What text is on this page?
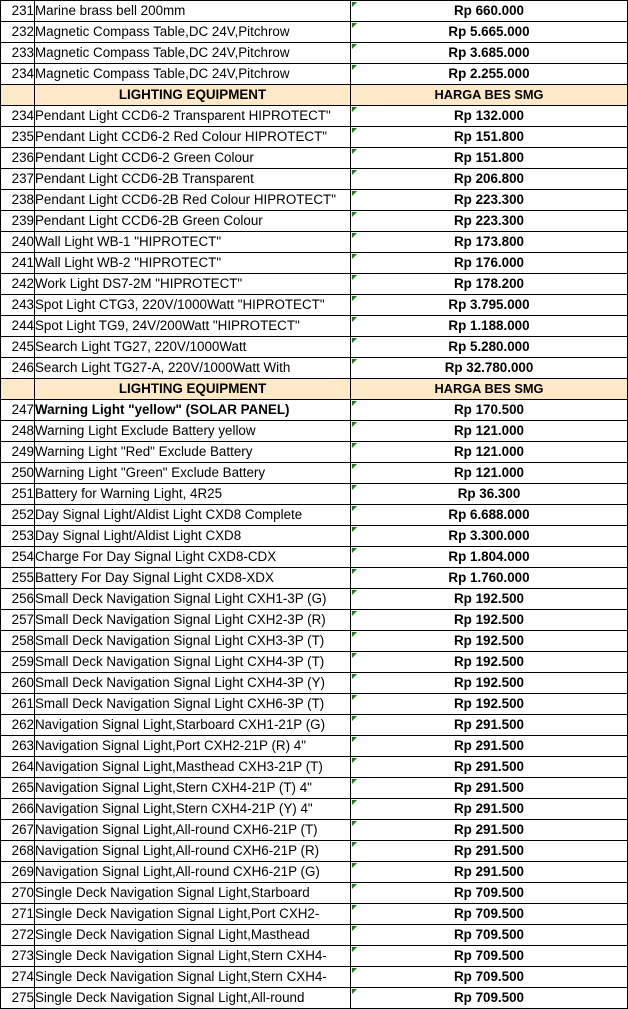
231	Marine brass bell 200mm	Rp 660.000
232	Magnetic Compass Table,DC 24V,Pitchrow	Rp 5.665.000
233	Magnetic Compass Table,DC 24V,Pitchrow	Rp 3.685.000
234	Magnetic Compass Table,DC 24V,Pitchrow	Rp 2.255.000
	LIGHTING EQUIPMENT	HARGA BES SMG
234	Pendant Light CCD6-2 Transparent HIPROTECT"	Rp 132.000
235	Pendant Light CCD6-2 Red Colour HIPROTECT"	Rp 151.800
236	Pendant Light CCD6-2 Green Colour	Rp 151.800
237	Pendant Light CCD6-2B Transparent	Rp 206.800
238	Pendant Light CCD6-2B Red Colour HIPROTECT"	Rp 223.300
239	Pendant Light CCD6-2B Green Colour	Rp 223.300
240	Wall Light WB-1 "HIPROTECT"	Rp 173.800
241	Wall Light WB-2 "HIPROTECT"	Rp 176.000
242	Work Light DS7-2M "HIPROTECT"	Rp 178.200
243	Spot Light CTG3, 220V/1000Watt "HIPROTECT"	Rp 3.795.000
244	Spot Light TG9, 24V/200Watt "HIPROTECT"	Rp 1.188.000
245	Search Light TG27, 220V/1000Watt	Rp 5.280.000
246	Search Light TG27-A, 220V/1000Watt With	Rp 32.780.000
	LIGHTING EQUIPMENT	HARGA BES SMG
247	Warning Light "yellow" (SOLAR PANEL)	Rp 170.500
248	Warning Light Exclude Battery yellow	Rp 121.000
249	Warning Light "Red" Exclude Battery	Rp 121.000
250	Warning Light "Green" Exclude Battery	Rp 121.000
251	Battery for Warning Light, 4R25	Rp 36.300
252	Day Signal Light/Aldist Light CXD8 Complete	Rp 6.688.000
253	Day Signal Light/Aldist Light CXD8	Rp 3.300.000
254	Charge For Day Signal Light CXD8-CDX	Rp 1.804.000
255	Battery For Day Signal Light CXD8-XDX	Rp 1.760.000
256	Small Deck Navigation Signal Light CXH1-3P (G)	Rp 192.500
257	Small Deck Navigation Signal Light CXH2-3P (R)	Rp 192.500
258	Small Deck Navigation Signal Light CXH3-3P (T)	Rp 192.500
259	Small Deck Navigation Signal Light CXH4-3P (T)	Rp 192.500
260	Small Deck Navigation Signal Light CXH4-3P (Y)	Rp 192.500
261	Small Deck Navigation Signal Light CXH6-3P (T)	Rp 192.500
262	Navigation Signal Light,Starboard CXH1-21P (G)	Rp 291.500
263	Navigation Signal Light,Port CXH2-21P (R) 4"	Rp 291.500
264	Navigation Signal Light,Masthead CXH3-21P (T)	Rp 291.500
265	Navigation Signal Light,Stern CXH4-21P (T) 4"	Rp 291.500
266	Navigation Signal Light,Stern CXH4-21P (Y) 4"	Rp 291.500
267	Navigation Signal Light,All-round CXH6-21P (T)	Rp 291.500
268	Navigation Signal Light,All-round CXH6-21P (R)	Rp 291.500
269	Navigation Signal Light,All-round CXH6-21P (G)	Rp 291.500
270	Single Deck Navigation Signal Light,Starboard	Rp 709.500
271	Single Deck Navigation Signal Light,Port CXH2-	Rp 709.500
272	Single Deck Navigation Signal Light,Masthead	Rp 709.500
273	Single Deck Navigation Signal Light,Stern CXH4-	Rp 709.500
274	Single Deck Navigation Signal Light,Stern CXH4-	Rp 709.500
275	Single Deck Navigation Signal Light,All-round	Rp 709.500
